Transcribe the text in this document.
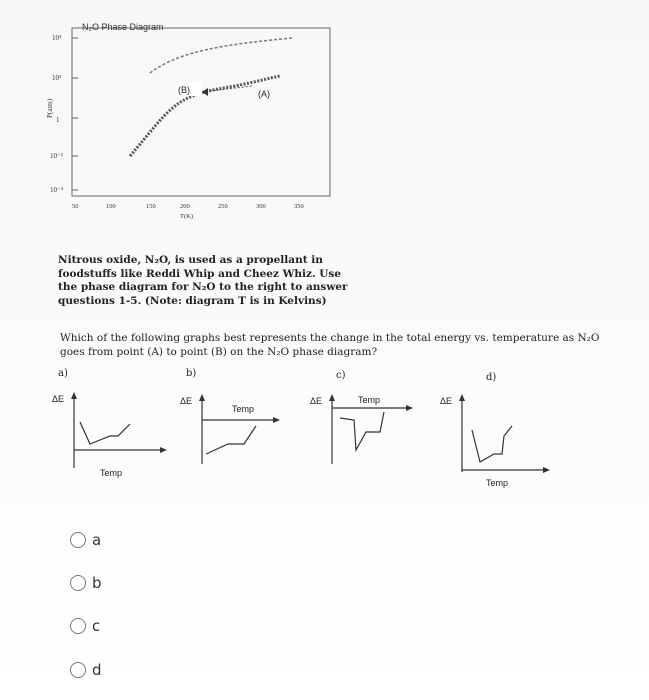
N₂O Phase Diagram
10⁴
10²
1
10⁻²
10⁻⁴
P(atm)
50	100	150	200	250	300	350
T(K)
(B)	(A)
Nitrous oxide, N₂O, is used as a propellant in foodstuffs like Reddi Whip and Cheez Whiz. Use the phase diagram for N₂O to the right to answer questions 1-5. (Note: diagram T is in Kelvins)
Which of the following graphs best represents the change in the total energy vs. temperature as N₂O goes from point (A) to point (B) on the N₂O phase diagram?
a)	b)	c)	d)
ΔE
Temp
ΔE
Temp
ΔE	Temp	ΔE
Temp
a
b
c
d
